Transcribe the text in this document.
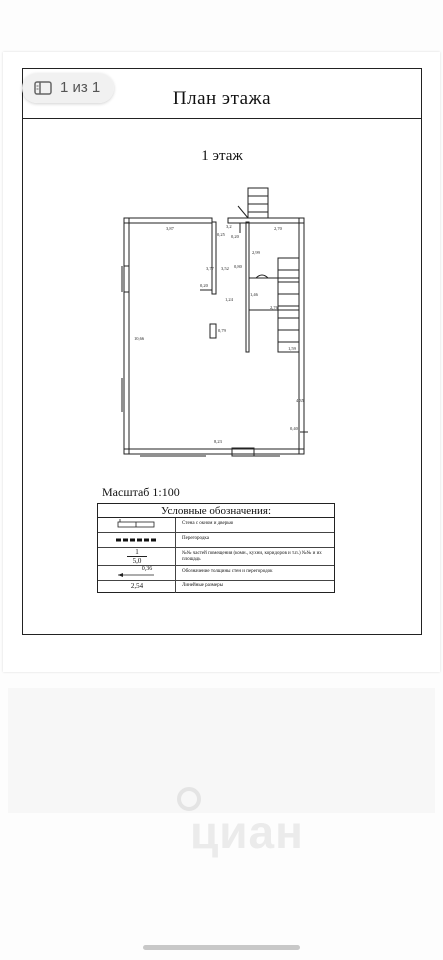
План этажа
1 этаж
3,87
0,25
3,2
0,20
2,70
3,77 3,52
2,99
0,80
1,46
2,76
0,20
1,24
0,79
10,66
1,59
4,35
0,40
8,23
Масштаб 1:100
Условные обозначения:
Стена с окном и дверью
Перегородка
1
5,0
№№ частей помещения (комн., кухни, коридоров и т.п.) №№ и их площадь
0,36	Обозначение толщины стен и перегородок
2,54	Линейные размеры
1 из 1
циан
